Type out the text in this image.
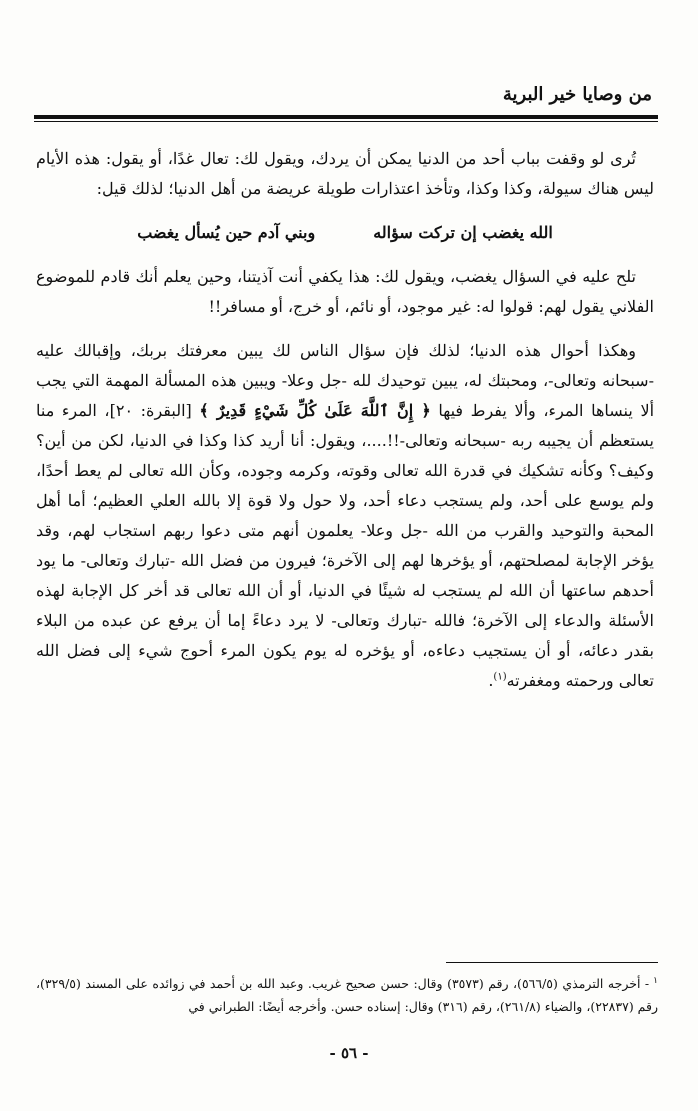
من وصايا خير البرية

تُرى لو وقفت بباب أحد من الدنيا يمكن أن يردك، ويقول لك: تعال غدًا، أو يقول: هذه الأيام ليس هناك سيولة، وكذا وكذا، وتأخذ اعتذارات طويلة عريضة من أهل الدنيا؛ لذلك قيل:

الله يغضب إن تركت سؤاله
وبني آدم حين يُسأل يغضب

تلح عليه في السؤال يغضب، ويقول لك: هذا يكفي أنت آذيتنا، وحين يعلم أنك قادم للموضوع الفلاني يقول لهم: قولوا له: غير موجود، أو نائم، أو خرج، أو مسافر!!

وهكذا أحوال هذه الدنيا؛ لذلك فإن سؤال الناس لك يبين معرفتك بربك، وإقبالك عليه -سبحانه وتعالى-، ومحبتك له، يبين توحيدك لله -جل وعلا- ويبين هذه المسألة المهمة التي يجب ألا ينساها المرء، وألا يفرط فيها ﴿ إِنَّ ٱللَّهَ عَلَىٰ كُلِّ شَيْءٍ قَدِيرٌ ﴾ [البقرة: ٢٠]، المرء منا يستعظم أن يجيبه ربه -سبحانه وتعالى-!!....، ويقول: أنا أريد كذا وكذا في الدنيا، لكن من أين؟ وكيف؟ وكأنه تشكيك في قدرة الله تعالى وقوته، وكرمه وجوده، وكأن الله تعالى لم يعط أحدًا، ولم يوسع على أحد، ولم يستجب دعاء أحد، ولا حول ولا قوة إلا بالله العلي العظيم؛ أما أهل المحبة والتوحيد والقرب من الله -جل وعلا- يعلمون أنهم متى دعوا ربهم استجاب لهم، وقد يؤخر الإجابة لمصلحتهم، أو يؤخرها لهم إلى الآخرة؛ فيرون من فضل الله -تبارك وتعالى- ما يود أحدهم ساعتها أن الله لم يستجب له شيئًا في الدنيا، أو أن الله تعالى قد أخر كل الإجابة لهذه الأسئلة والدعاء إلى الآخرة؛ فالله -تبارك وتعالى- لا يرد دعاءً إما أن يرفع عن عبده من البلاء بقدر دعائه، أو أن يستجيب دعاءه، أو يؤخره له يوم يكون المرء أحوج شيء إلى فضل الله تعالى ورحمته ومغفرته$^{(١)}$.

$^١$- أخرجه الترمذي (٥٦٦/٥)، رقم (٣٥٧٣) وقال: حسن صحيح غريب. وعبد الله بن أحمد في زوائده على المسند (٣٢٩/٥)، رقم (٢٢٨٣٧)، والضياء (٢٦١/٨)، رقم (٣١٦) وقال: إسناده حسن. وأخرجه أيضًا: الطبراني في
- ٥٦ -
